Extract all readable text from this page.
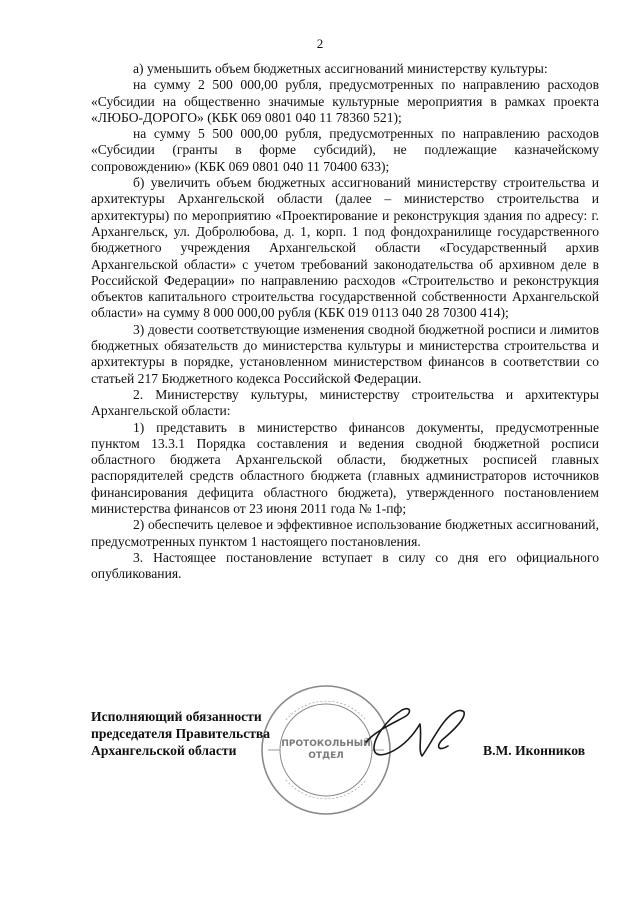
2

а) уменьшить объем бюджетных ассигнований министерству культуры:

на сумму 2 500 000,00 рубля, предусмотренных по направлению расходов «Субсидии на общественно значимые культурные мероприятия в рамках проекта «ЛЮБО-ДОРОГО» (КБК 069 0801 040 11 78360 521);

на сумму 5 500 000,00 рубля, предусмотренных по направлению расходов «Субсидии (гранты в форме субсидий), не подлежащие казначейскому сопровождению» (КБК 069 0801 040 11 70400 633);

б) увеличить объем бюджетных ассигнований министерству строительства и архитектуры Архангельской области (далее – министерство строительства и архитектуры) по мероприятию «Проектирование и реконструкция здания по адресу: г. Архангельск, ул. Добролюбова, д. 1, корп. 1 под фондохранилище государственного бюджетного учреждения Архангельской области «Государственный архив Архангельской области» с учетом требований законодательства об архивном деле в Российской Федерации» по направлению расходов «Строительство и реконструкция объектов капитального строительства государственной собственности Архангельской области» на сумму 8 000 000,00 рубля (КБК 019 0113 040 28 70300 414);

3) довести соответствующие изменения сводной бюджетной росписи и лимитов бюджетных обязательств до министерства культуры и министерства строительства и архитектуры в порядке, установленном министерством финансов в соответствии со статьей 217 Бюджетного кодекса Российской Федерации.

2. Министерству культуры, министерству строительства и архитектуры Архангельской области:

1) представить в министерство финансов документы, предусмотренные пунктом 13.3.1 Порядка составления и ведения сводной бюджетной росписи областного бюджета Архангельской области, бюджетных росписей главных распорядителей средств областного бюджета (главных администраторов источников финансирования дефицита областного бюджета), утвержденного постановлением министерства финансов от 23 июня 2011 года № 1-пф;

2) обеспечить целевое и эффективное использование бюджетных ассигнований, предусмотренных пунктом 1 настоящего постановления.

3. Настоящее постановление вступает в силу со дня его официального опубликования.

ПРОТОКОЛЬНЫЙ
ОТДЕЛ
Исполняющий обязанности
председателя Правительства
Архангельской области	В.М. Иконников
